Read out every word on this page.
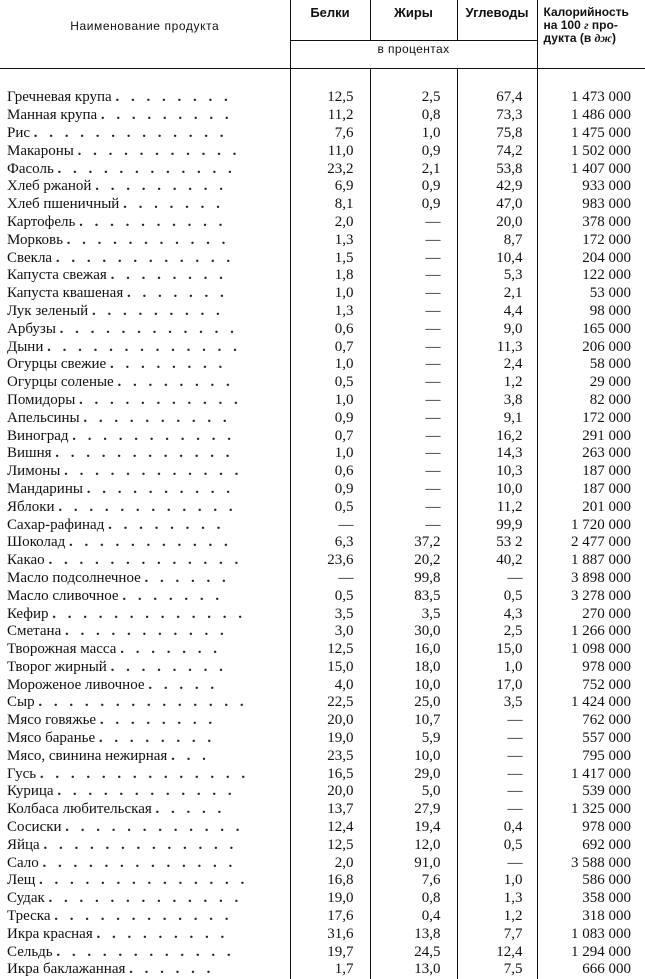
Наименование продукта	Белки	Жиры	Углеводы	Калорийность
на 100 г про-
дукта (в дж)
	в процентах			

Гречневая крупа . . . . . . . .	12,5	2,5	67,4	1 473 000
Манная крупа . . . . . . . . .	11,2	0,8	73,3	1 486 000
Рис . . . . . . . . . . . . .	7,6	1,0	75,8	1 475 000
Макароны . . . . . . . . . . .	11,0	0,9	74,2	1 502 000
Фасоль . . . . . . . . . . . .	23,2	2,1	53,8	1 407 000
Хлеб ржаной . . . . . . . . .	6,9	0,9	42,9	933 000
Хлеб пшеничный . . . . . . .	8,1	0,9	47,0	983 000
Картофель . . . . . . . . . .	2,0	—	20,0	378 000
Морковь . . . . . . . . . . .	1,3	—	8,7	172 000
Свекла . . . . . . . . . . . .	1,5	—	10,4	204 000
Капуста свежая . . . . . . . .	1,8	—	5,3	122 000
Капуста квашеная . . . . . . .	1,0	—	2,1	53 000
Лук зеленый . . . . . . . . .	1,3	—	4,4	98 000
Арбузы . . . . . . . . . . . .	0,6	—	9,0	165 000
Дыни . . . . . . . . . . . . .	0,7	—	11,3	206 000
Огурцы свежие . . . . . . . .	1,0	—	2,4	58 000
Огурцы соленые . . . . . . . .	0,5	—	1,2	29 000
Помидоры . . . . . . . . . . .	1,0	—	3,8	82 000
Апельсины . . . . . . . . . .	0,9	—	9,1	172 000
Виноград . . . . . . . . . . .	0,7	—	16,2	291 000
Вишня . . . . . . . . . . . .	1,0	—	14,3	263 000
Лимоны . . . . . . . . . . . .	0,6	—	10,3	187 000
Мандарины . . . . . . . . . .	0,9	—	10,0	187 000
Яблоки . . . . . . . . . . . .	0,5	—	11,2	201 000
Сахар-рафинад . . . . . . . .	—	—	99,9	1 720 000
Шоколад . . . . . . . . . . .	6,3	37,2	53 2	2 477 000
Какао . . . . . . . . . . . . .	23,6	20,2	40,2	1 887 000
Масло подсолнечное . . . . . .	—	99,8	—	3 898 000
Масло сливочное . . . . . . .	0,5	83,5	0,5	3 278 000
Кефир . . . . . . . . . . . . .	3,5	3,5	4,3	270 000
Сметана . . . . . . . . . . .	3,0	30,0	2,5	1 266 000
Творожная масса . . . . . . .	12,5	16,0	15,0	1 098 000
Творог жирный . . . . . . . .	15,0	18,0	1,0	978 000
Мороженое ливочное . . . . .	4,0	10,0	17,0	752 000
Сыр . . . . . . . . . . . . . .	22,5	25,0	3,5	1 424 000
Мясо говяжье . . . . . . . .	20,0	10,7	—	762 000
Мясо баранье . . . . . . . .	19,0	5,9	—	557 000
Мясо, свинина нежирная . . .	23,5	10,0	—	795 000
Гусь . . . . . . . . . . . . . .	16,5	29,0	—	1 417 000
Курица . . . . . . . . . . . .	20,0	5,0	—	539 000
Колбаса любительская . . . . .	13,7	27,9	—	1 325 000
Сосиски . . . . . . . . . . . .	12,4	19,4	0,4	978 000
Яйца . . . . . . . . . . . . .	12,5	12,0	0,5	692 000
Сало . . . . . . . . . . . . .	2,0	91,0	—	3 588 000
Лещ . . . . . . . . . . . . . .	16,8	7,6	1,0	586 000
Судак . . . . . . . . . . . . .	19,0	0,8	1,3	358 000
Треска . . . . . . . . . . . .	17,6	0,4	1,2	318 000
Икра красная . . . . . . . . .	31,6	13,8	7,7	1 083 000
Сельдь . . . . . . . . . . . .	19,7	24,5	12,4	1 294 000
Икра баклажанная . . . . . .	1,7	13,0	7,5	666 000
